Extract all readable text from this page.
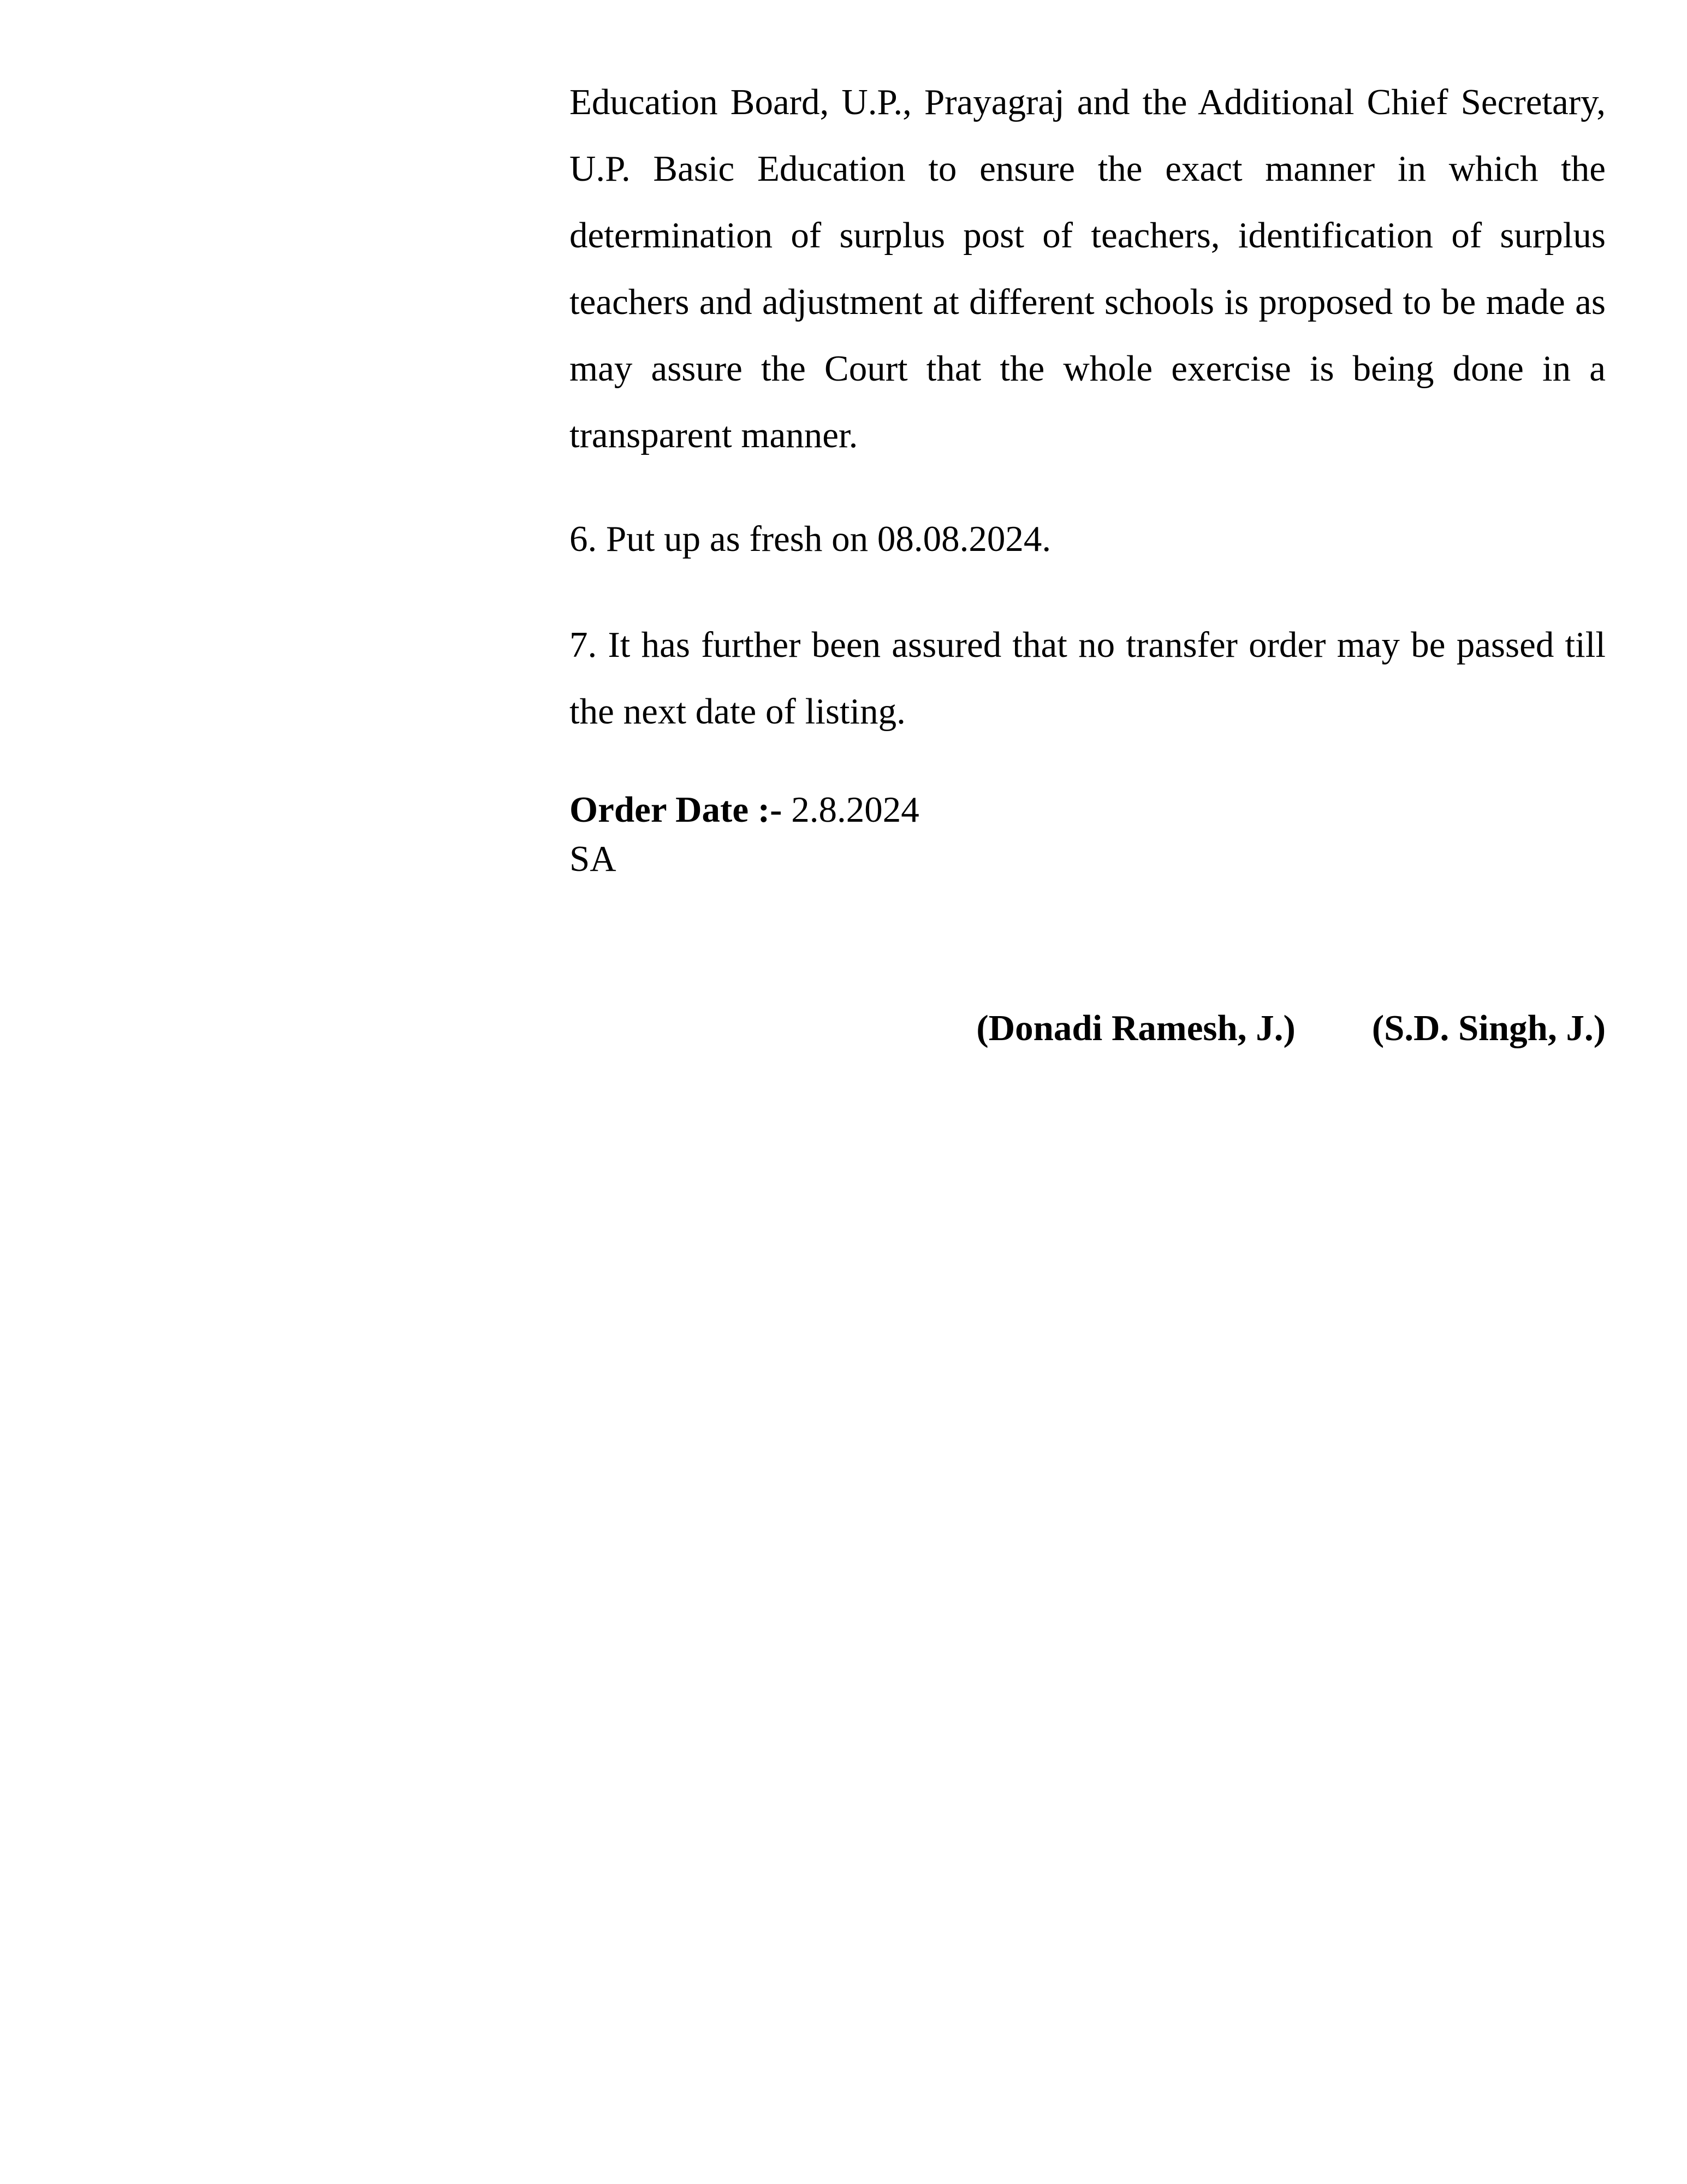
Education Board, U.P., Prayagraj and the Additional Chief Secretary, U.P. Basic Education to ensure the exact manner in which the determination of surplus post of teachers, identification of surplus teachers and adjustment at different schools is proposed to be made as may assure the Court that the whole exercise is being done in a transparent manner.

6. Put up as fresh on 08.08.2024.

7. It has further been assured that no transfer order may be passed till the next date of listing.

Order Date :- 2.8.2024
SA
(Donadi Ramesh, J.) (S.D. Singh, J.)
